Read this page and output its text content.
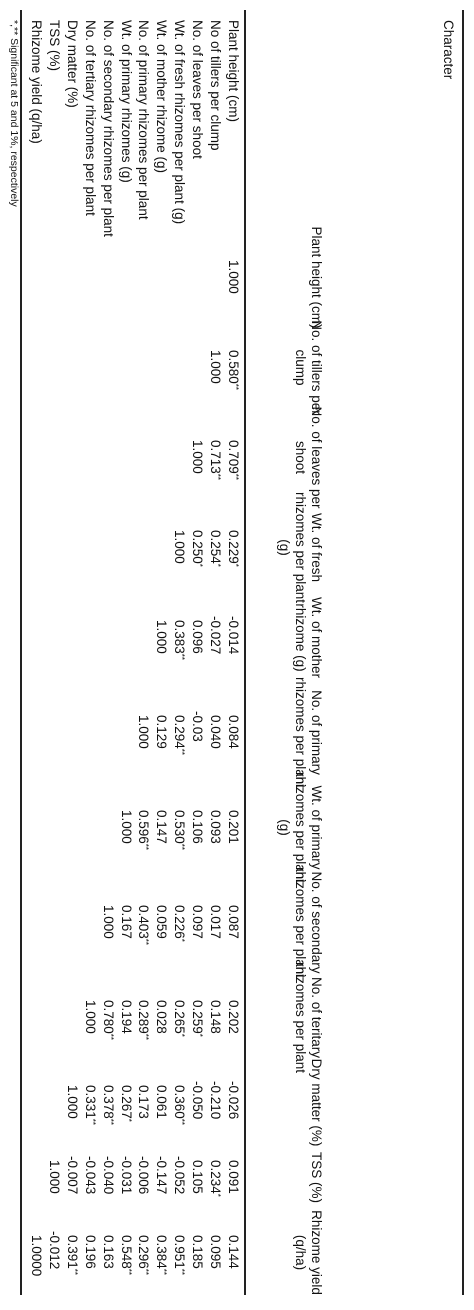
Character
Plant height (cm)
No. of tillers per clump
No. of leaves per shoot
Wt. of fresh rhizomes per plant (g)
Wt. of mother rhizome (g)
No. of primary rhizomes per plant
Wt. of primary rhizomes per plant (g)
No. of secondary rhizomes per plant
No. of teritary rhizomes per plant
Dry matter (%)
TSS (%)
Rhizome yield (q/ha)
Plant height (cm)
1.000
0.580**
0.709**
0.229*
-0.014
0.084
0.201
0.087
0.202
-0.026
0.091
0.144
No of tillers per clump
1.000
0.713**
0.254*
-0.027
0.040
0.093
0.017
0.148
-0.210
0.234*
0.095
No. of leaves per shoot
1.000
0.250*
0.096
-0.03
0.106
0.097
0.259*
-0.050
0.105
0.185
Wt. of fresh rhizomes per plant (g)
1.000
0.383**
0.294**
0.530**
0.226*
0.265*
0.360**
-0.052
0.951**
Wt. of mother rhizome (g)
1.000
0.129
0.147
0.059
0.028
0.061
-0.147
0.384**
No. of primary rhizomes per plant
1.000
0.596**
0.403**
0.289**
0.173
-0.006
0.296**
Wt. of primary rhizomes (g)
1.000
0.167
0.194
0.267*
-0.031
0.548**
No. of secondary rhizomes per plant
1.000
0.780**
0.378**
-0.040
0.163
No. of tertiary rhizomes per plant
1.000
0.331**
-0.043
0.196
Dry matter (%)
1.000
-0.007
0.391**
TSS (%)
1.000
-0.012
Rhizome yield (q/ha)
1.0000
*,** Significant at 5 and 1%, respectively
